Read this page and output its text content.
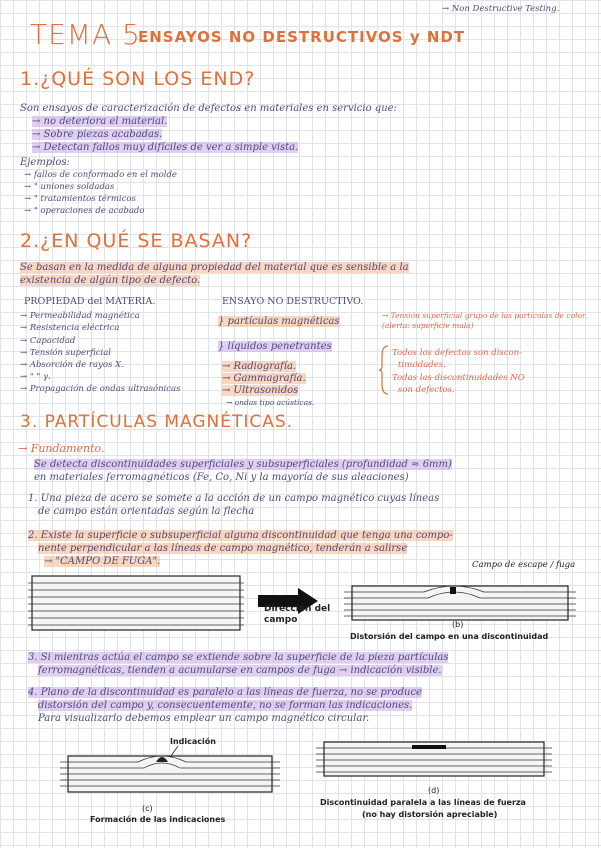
TEMA 5
ENSAYOS NO DESTRUCTIVOS y NDT
→ Non Destructive Testing.
1.¿QUÉ SON LOS END?
Son ensayos de caracterización de defectos en materiales en servicio que:
→ no deteriora el material.
→ Sobre piezas acabadas.
→ Detectan fallos muy difíciles de ver a simple vista.
Ejemplos:
→ fallos de conformado en el molde
→ " uniones soldadas
→ " tratamientos térmicos
→ " operaciones de acabado
2.¿EN QUÉ SE BASAN?
Se basan en la medida de alguna propiedad del material que es sensible a la
existencia de algún tipo de defecto.
PROPIEDAD del MATERIA.	ENSAYO NO DESTRUCTIVO.
→ Permeabilidad magnética
→ Resistencia eléctrica
→ Capacidad
→ Tensión superficial
→ Absorción de rayos X.
→ " " γ.
→ Propagación de ondas ultrasónicas
} partículas magnéticas
} líquidos penetrantes
→ Radiografía.
→ Gammagrafía.
→ Ultrasonidos
→ ondas tipo acústicas.
→ Tensión superficial grupo de las partículas de color. (alerta: superficie mala)
Todos los defectos son discon-
tinuidades.
Todas las discontinuidades NO
son defectos.
3. PARTÍCULAS MAGNÉTICAS.
→ Fundamento.
Se detecta discontinuidades superficiales y subsuperficiales (profundidad ≈ 6mm)
en materiales ferromagnéticos (Fe, Co, Ni y la mayoría de sus aleaciones)
1. Una pieza de acero se somete a la acción de un campo magnético cuyas líneas
de campo están orientadas según la flecha
2. Existe la superficie o subsuperficial alguna discontinuidad que tenga una compo-
nente perpendicular a las líneas de campo magnético, tenderán a salirse
→ "CAMPO DE FUGA".
Dirección del campo	(b)
Distorsión del campo en una discontinuidad
Campo de escape / fuga
3. Si mientras actúa el campo se extiende sobre la superficie de la pieza partículas
ferromagnéticas, tienden a acumularse en campos de fuga → indicación visible.
4. Plano de la discontinuidad es paralelo a las líneas de fuerza, no se produce
distorsión del campo y, consecuentemente, no se forman las indicaciones.
Para visualizarlo debemos emplear un campo magnético circular.
Indicación
(c)
Formación de las indicaciones
(d)
Discontinuidad paralela a las líneas de fuerza
(no hay distorsión apreciable)
